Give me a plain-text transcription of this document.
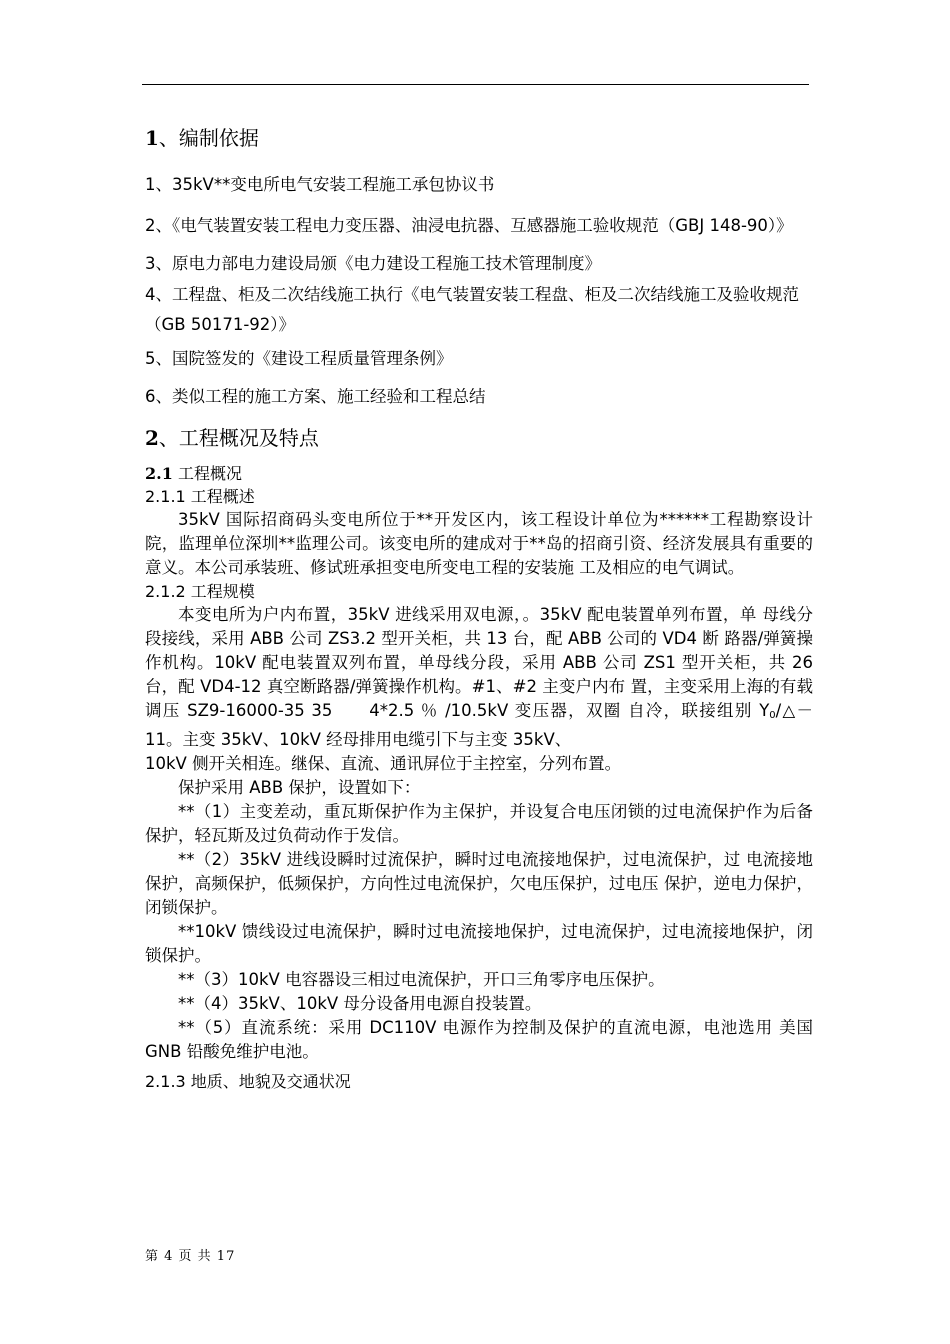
1、编制依据

1、35kV**变电所电气安装工程施工承包协议书

2、《电气装置安装工程电力变压器、油浸电抗器、互感器施工验收规范（GBJ 148-90）》

3、原电力部电力建设局颁《电力建设工程施工技术管理制度》

4、工程盘、柜及二次结线施工执行《电气装置安装工程盘、柜及二次结线施工及验收规范（GB 50171-92）》

5、国院签发的《建设工程质量管理条例》

6、类似工程的施工方案、施工经验和工程总结

2、工程概况及特点

2.1 工程概况

2.1.1 工程概述

35kV 国际招商码头变电所位于**开发区内，该工程设计单位为******工程勘察设计院，监理单位深圳**监理公司。该变电所的建成对于**岛的招商引资、经济发展具有重要的意义。本公司承装班、修试班承担变电所变电工程的安装施 工及相应的电气调试。

2.1.2 工程规模

本变电所为户内布置，35kV 进线采用双电源，。35kV 配电装置单列布置，单 母线分段接线，采用 ABB 公司 ZS3.2 型开关柜，共 13 台，配 ABB 公司的 VD4 断 路器/弹簧操作机构。10kV 配电装置双列布置，单母线分段，采用 ABB 公司 ZS1 型开关柜，共 26 台，配 VD4-12 真空断路器/弹簧操作机构。#1、#2 主变户内布 置，主变采用上海的有载调压 SZ9-16000-35 35　　4*2.5 ％ /10.5kV 变压器，双圈 自冷，联接组别 $Y_0/\triangle-11$。主变 35kV、10kV 经母排用电缆引下与主变 35kV、

10kV 侧开关相连。继保、直流、通讯屏位于主控室，分列布置。

保护采用 ABB 保护，设置如下：

**（1）主变差动，重瓦斯保护作为主保护，并设复合电压闭锁的过电流保护作为后备保护，轻瓦斯及过负荷动作于发信。

**（2）35kV 进线设瞬时过流保护，瞬时过电流接地保护，过电流保护，过 电流接地保护，高频保护，低频保护，方向性过电流保护，欠电压保护，过电压 保护，逆电力保护，闭锁保护。

**10kV 馈线设过电流保护，瞬时过电流接地保护，过电流保护，过电流接地保护，闭锁保护。

**（3）10kV 电容器设三相过电流保护，开口三角零序电压保护。

**（4）35kV、10kV 母分设备用电源自投装置。

**（5）直流系统：采用 DC110V 电源作为控制及保护的直流电源，电池选用 美国 GNB 铅酸免维护电池。

2.1.3 地质、地貌及交通状况

第 4 页 共 17
